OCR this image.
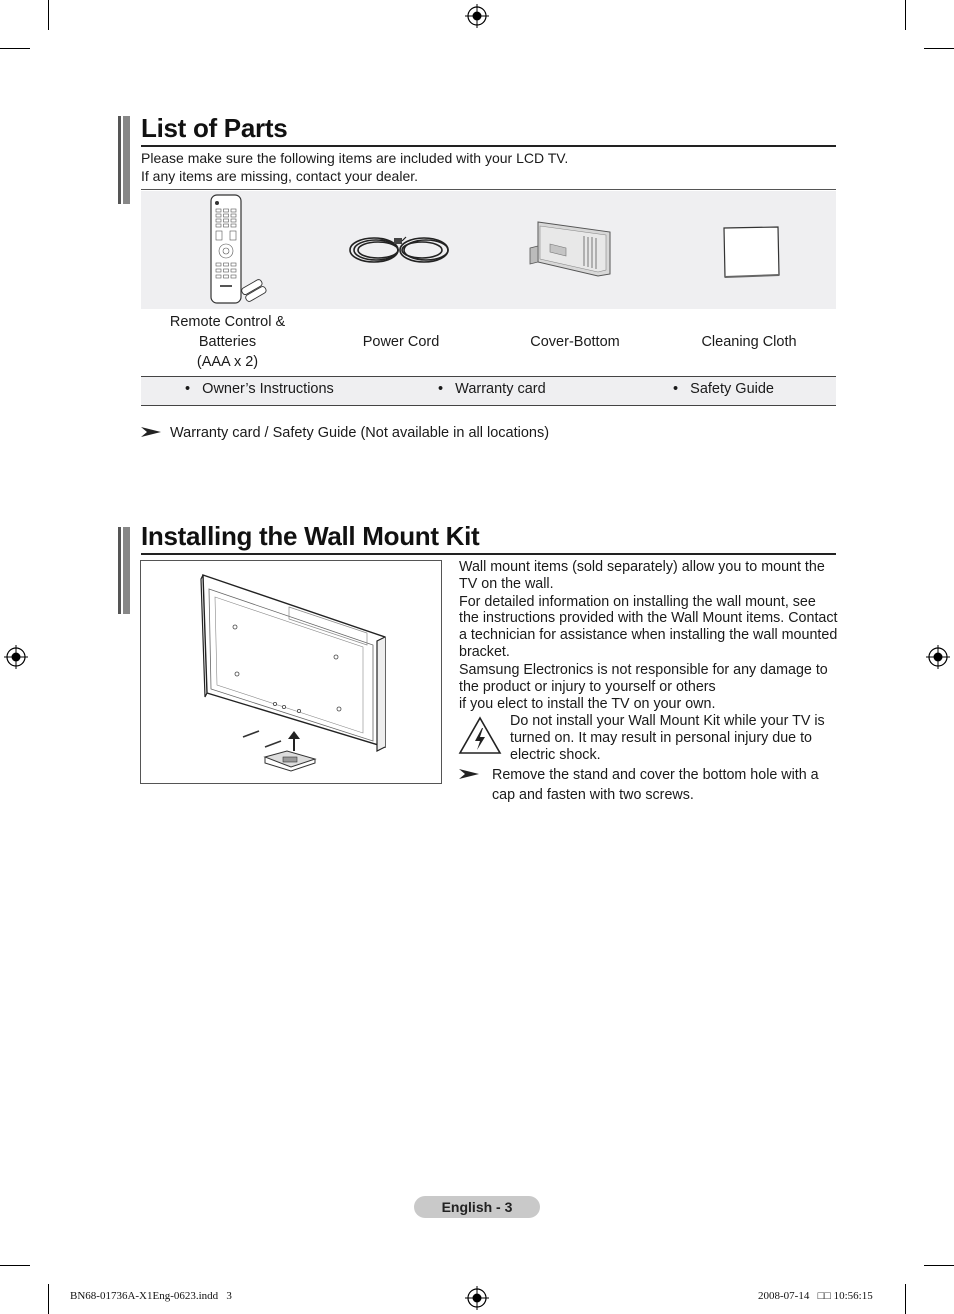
List of Parts
Please make sure the following items are included with your LCD TV.
If any items are missing, contact your dealer.
Remote Control &
Batteries
(AAA x 2)
Power Cord	Cover-Bottom	Cleaning Cloth
•   Owner’s Instructions	•   Warranty card	•   Safety Guide
Warranty card / Safety Guide (Not available in all locations)
Installing the Wall Mount Kit

Wall mount items (sold separately) allow you to mount the TV on the wall.

For detailed information on installing the wall mount, see the instructions provided with the Wall Mount items. Contact a technician for assistance when installing the wall mounted bracket.

Samsung Electronics is not responsible for any damage to the product or injury to yourself or others

if you elect to install the TV on your own.

Do not install your Wall Mount Kit while your TV is turned on. It may result in personal injury due to electric shock.
Remove the stand and cover the bottom hole with a cap and fasten with two screws.
English - 3
BN68-01736A-X1Eng-0623.indd   3	2008-07-14   □□ 10:56:15
